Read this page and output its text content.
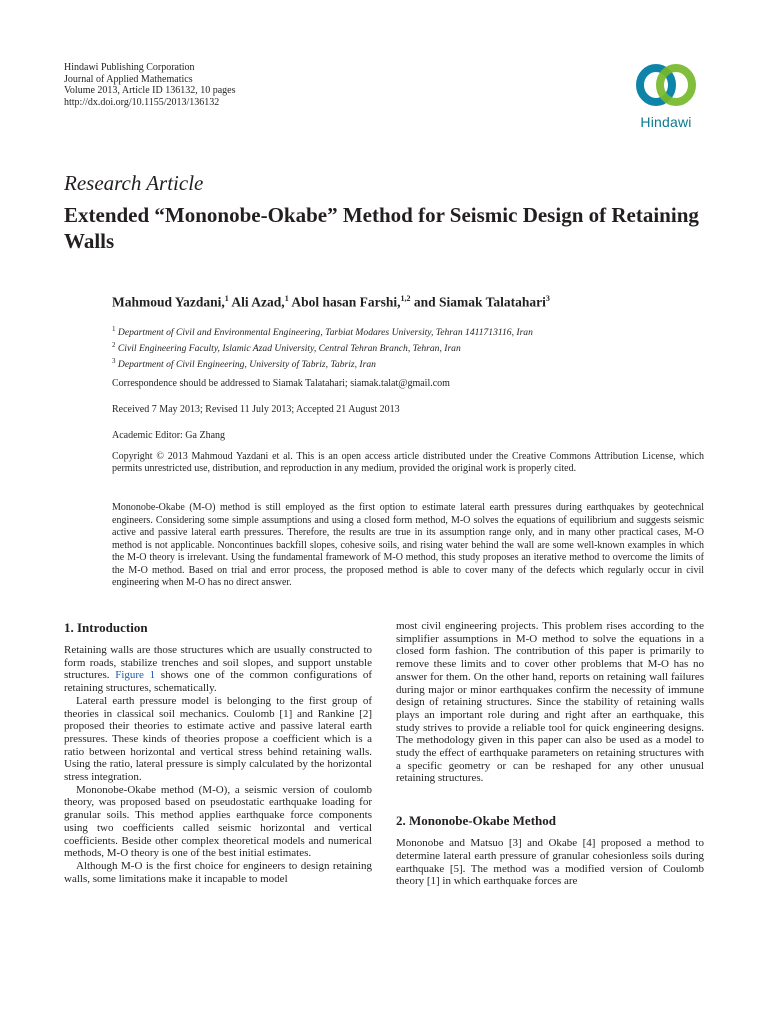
Hindawi Publishing Corporation
Journal of Applied Mathematics
Volume 2013, Article ID 136132, 10 pages
http://dx.doi.org/10.1155/2013/136132
Hindawi
Research Article
Extended “Mononobe-Okabe” Method for Seismic Design of Retaining Walls
Mahmoud Yazdani,$^1$ Ali Azad,$^1$ Abol hasan Farshi,$^{1,2}$ and Siamak Talatahari$^3$
$^1$ Department of Civil and Environmental Engineering, Tarbiat Modares University, Tehran 1411713116, Iran
$^2$ Civil Engineering Faculty, Islamic Azad University, Central Tehran Branch, Tehran, Iran
$^3$ Department of Civil Engineering, University of Tabriz, Tabriz, Iran
Correspondence should be addressed to Siamak Talatahari; siamak.talat@gmail.com
Received 7 May 2013; Revised 11 July 2013; Accepted 21 August 2013
Academic Editor: Ga Zhang
Copyright © 2013 Mahmoud Yazdani et al. This is an open access article distributed under the Creative Commons Attribution License, which permits unrestricted use, distribution, and reproduction in any medium, provided the original work is properly cited.

Mononobe-Okabe (M-O) method is still employed as the first option to estimate lateral earth pressures during earthquakes by geotechnical engineers. Considering some simple assumptions and using a closed form method, M-O solves the equations of equilibrium and suggests seismic active and passive lateral earth pressures. Therefore, the results are true in its assumption range only, and in many other practical cases, M-O method is not applicable. Noncontinues backfill slopes, cohesive soils, and rising water behind the wall are some well-known examples in which the M-O theory is irrelevant. Using the fundamental framework of M-O method, this study proposes an iterative method to overcome the limits of the M-O method. Based on trial and error process, the proposed method is able to cover many of the defects which regularly occur in civil engineering when M-O has no direct answer.

1. Introduction

Retaining walls are those structures which are usually constructed to form roads, stabilize trenches and soil slopes, and support unstable structures. Figure 1 shows one of the common configurations of retaining structures, schematically.

Lateral earth pressure model is belonging to the first group of theories in classical soil mechanics. Coulomb [1] and Rankine [2] proposed their theories to estimate active and passive lateral earth pressures. These kinds of theories propose a coefficient which is a ratio between horizontal and vertical stress behind retaining walls. Using the ratio, lateral pressure is simply calculated by the horizontal stress integration.

Mononobe-Okabe method (M-O), a seismic version of coulomb theory, was proposed based on pseudostatic earthquake loading for granular soils. This method applies earthquake force components using two coefficients called seismic horizontal and vertical coefficients. Beside other complex theoretical models and numerical methods, M-O theory is one of the best initial estimates.

Although M-O is the first choice for engineers to design retaining walls, some limitations make it incapable to model

most civil engineering projects. This problem rises according to the simplifier assumptions in M-O method to solve the equations in a closed form fashion. The contribution of this paper is primarily to remove these limits and to cover other problems that M-O has no answer for them. On the other hand, reports on retaining wall failures during major or minor earthquakes confirm the necessity of immune design of retaining structures. Since the stability of retaining walls plays an important role during and right after an earthquake, this study strives to provide a reliable tool for quick engineering designs. The methodology given in this paper can also be used as a model to study the effect of earthquake parameters on retaining structures with a specific geometry or can be reshaped for any other unusual retaining structures.

2. Mononobe-Okabe Method

Mononobe and Matsuo [3] and Okabe [4] proposed a method to determine lateral earth pressure of granular cohesionless soils during earthquake [5]. The method was a modified version of Coulomb theory [1] in which earthquake forces are
